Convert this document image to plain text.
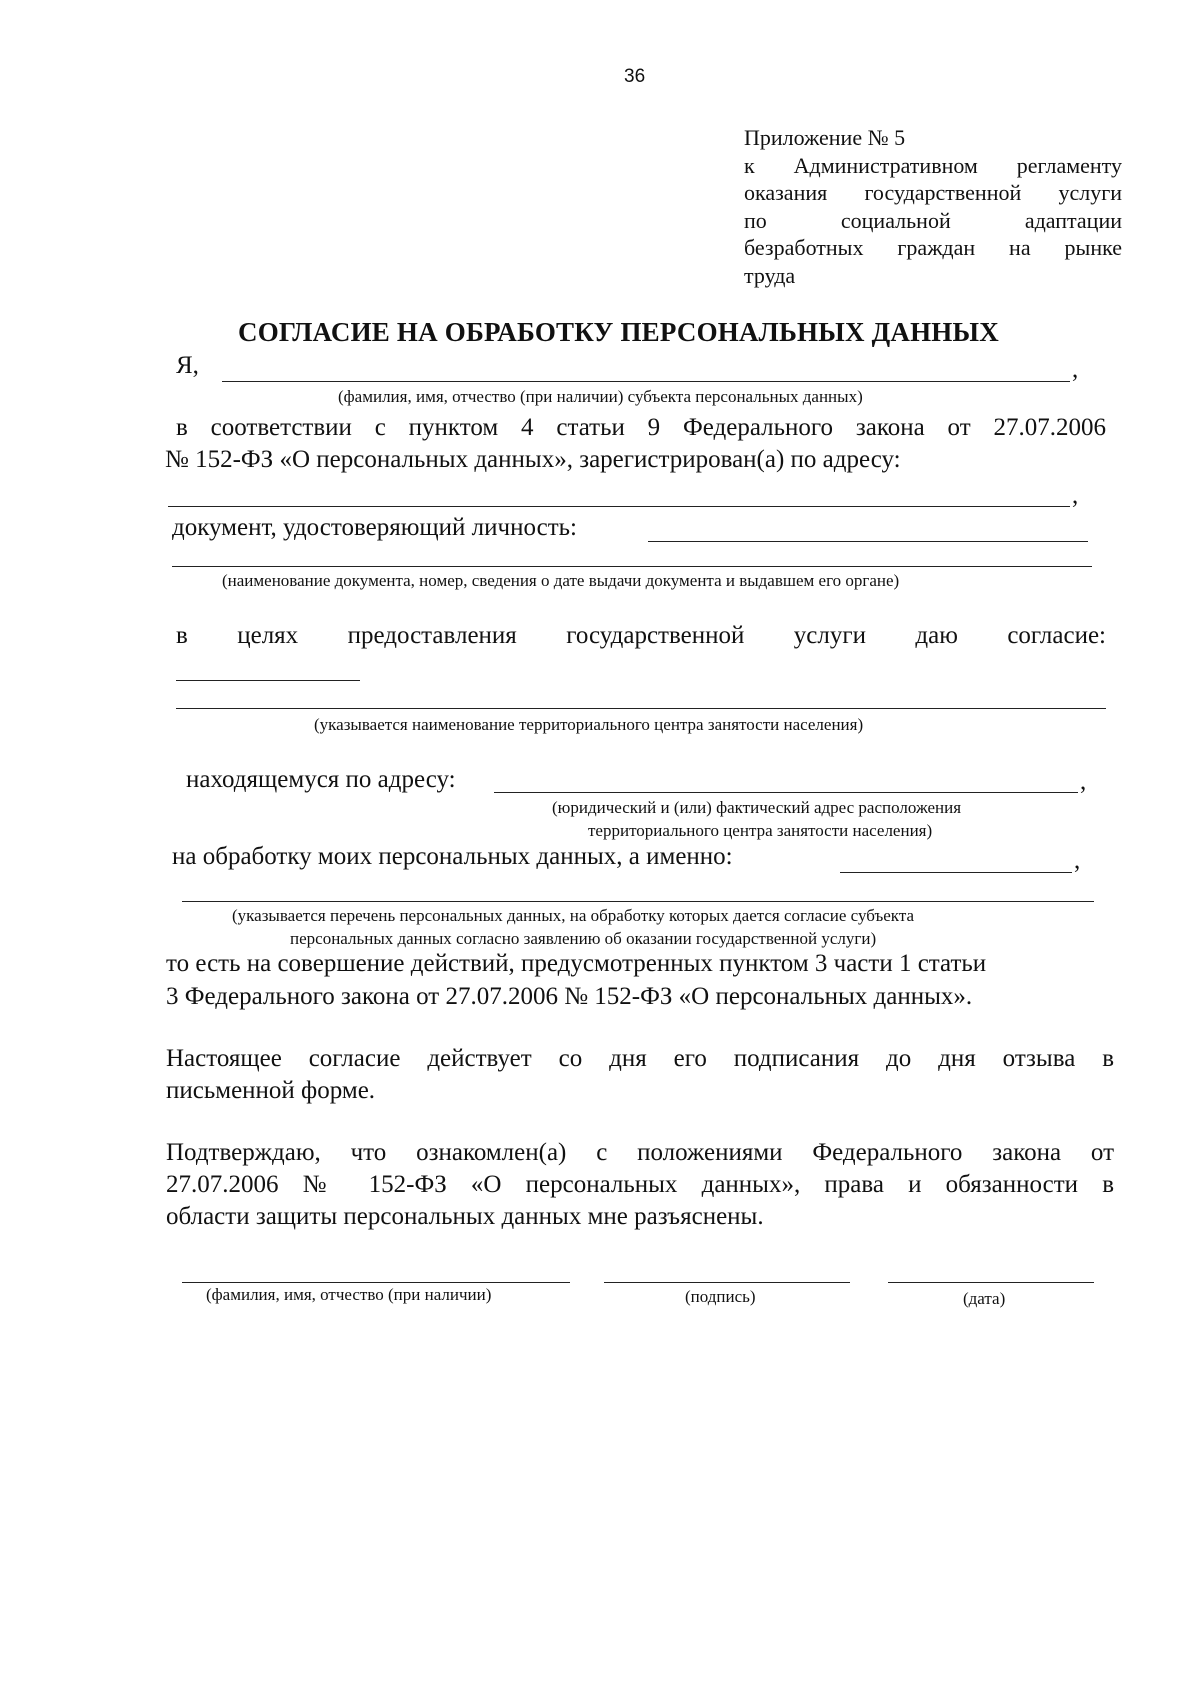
36
Приложение № 5
к Административном регламенту
оказания государственной услуги
по социальной адаптации
безработных граждан на рынке
труда
СОГЛАСИЕ НА ОБРАБОТКУ ПЕРСОНАЛЬНЫХ ДАННЫХ
Я,	,
(фамилия, имя, отчество (при наличии) субъекта персональных данных)
в соответствии с пунктом 4 статьи 9 Федерального закона от 27.07.2006
№ 152-ФЗ «О персональных данных», зарегистрирован(а) по адресу:
,
документ, удостоверяющий личность:
(наименование документа, номер, сведения о дате выдачи документа и выдавшем его органе)
в целях предоставления государственной услуги даю согласие:
(указывается наименование территориального центра занятости населения)
находящемуся по адресу:	,
(юридический и (или) фактический адрес расположения
территориального центра занятости населения)
на обработку моих персональных данных, а именно:	,
(указывается перечень персональных данных, на обработку которых дается согласие субъекта
персональных данных согласно заявлению об оказании государственной услуги)
то есть на совершение действий, предусмотренных пунктом 3 части 1 статьи
3 Федерального закона от 27.07.2006 № 152-ФЗ «О персональных данных».
Настоящее согласие действует со дня его подписания до дня отзыва в
письменной форме.
Подтверждаю, что ознакомлен(а) с положениями Федерального закона от
27.07.2006 № 152-ФЗ «О персональных данных», права и обязанности в
области защиты персональных данных мне разъяснены.
(фамилия, имя, отчество (при наличии)	(подпись)	(дата)
